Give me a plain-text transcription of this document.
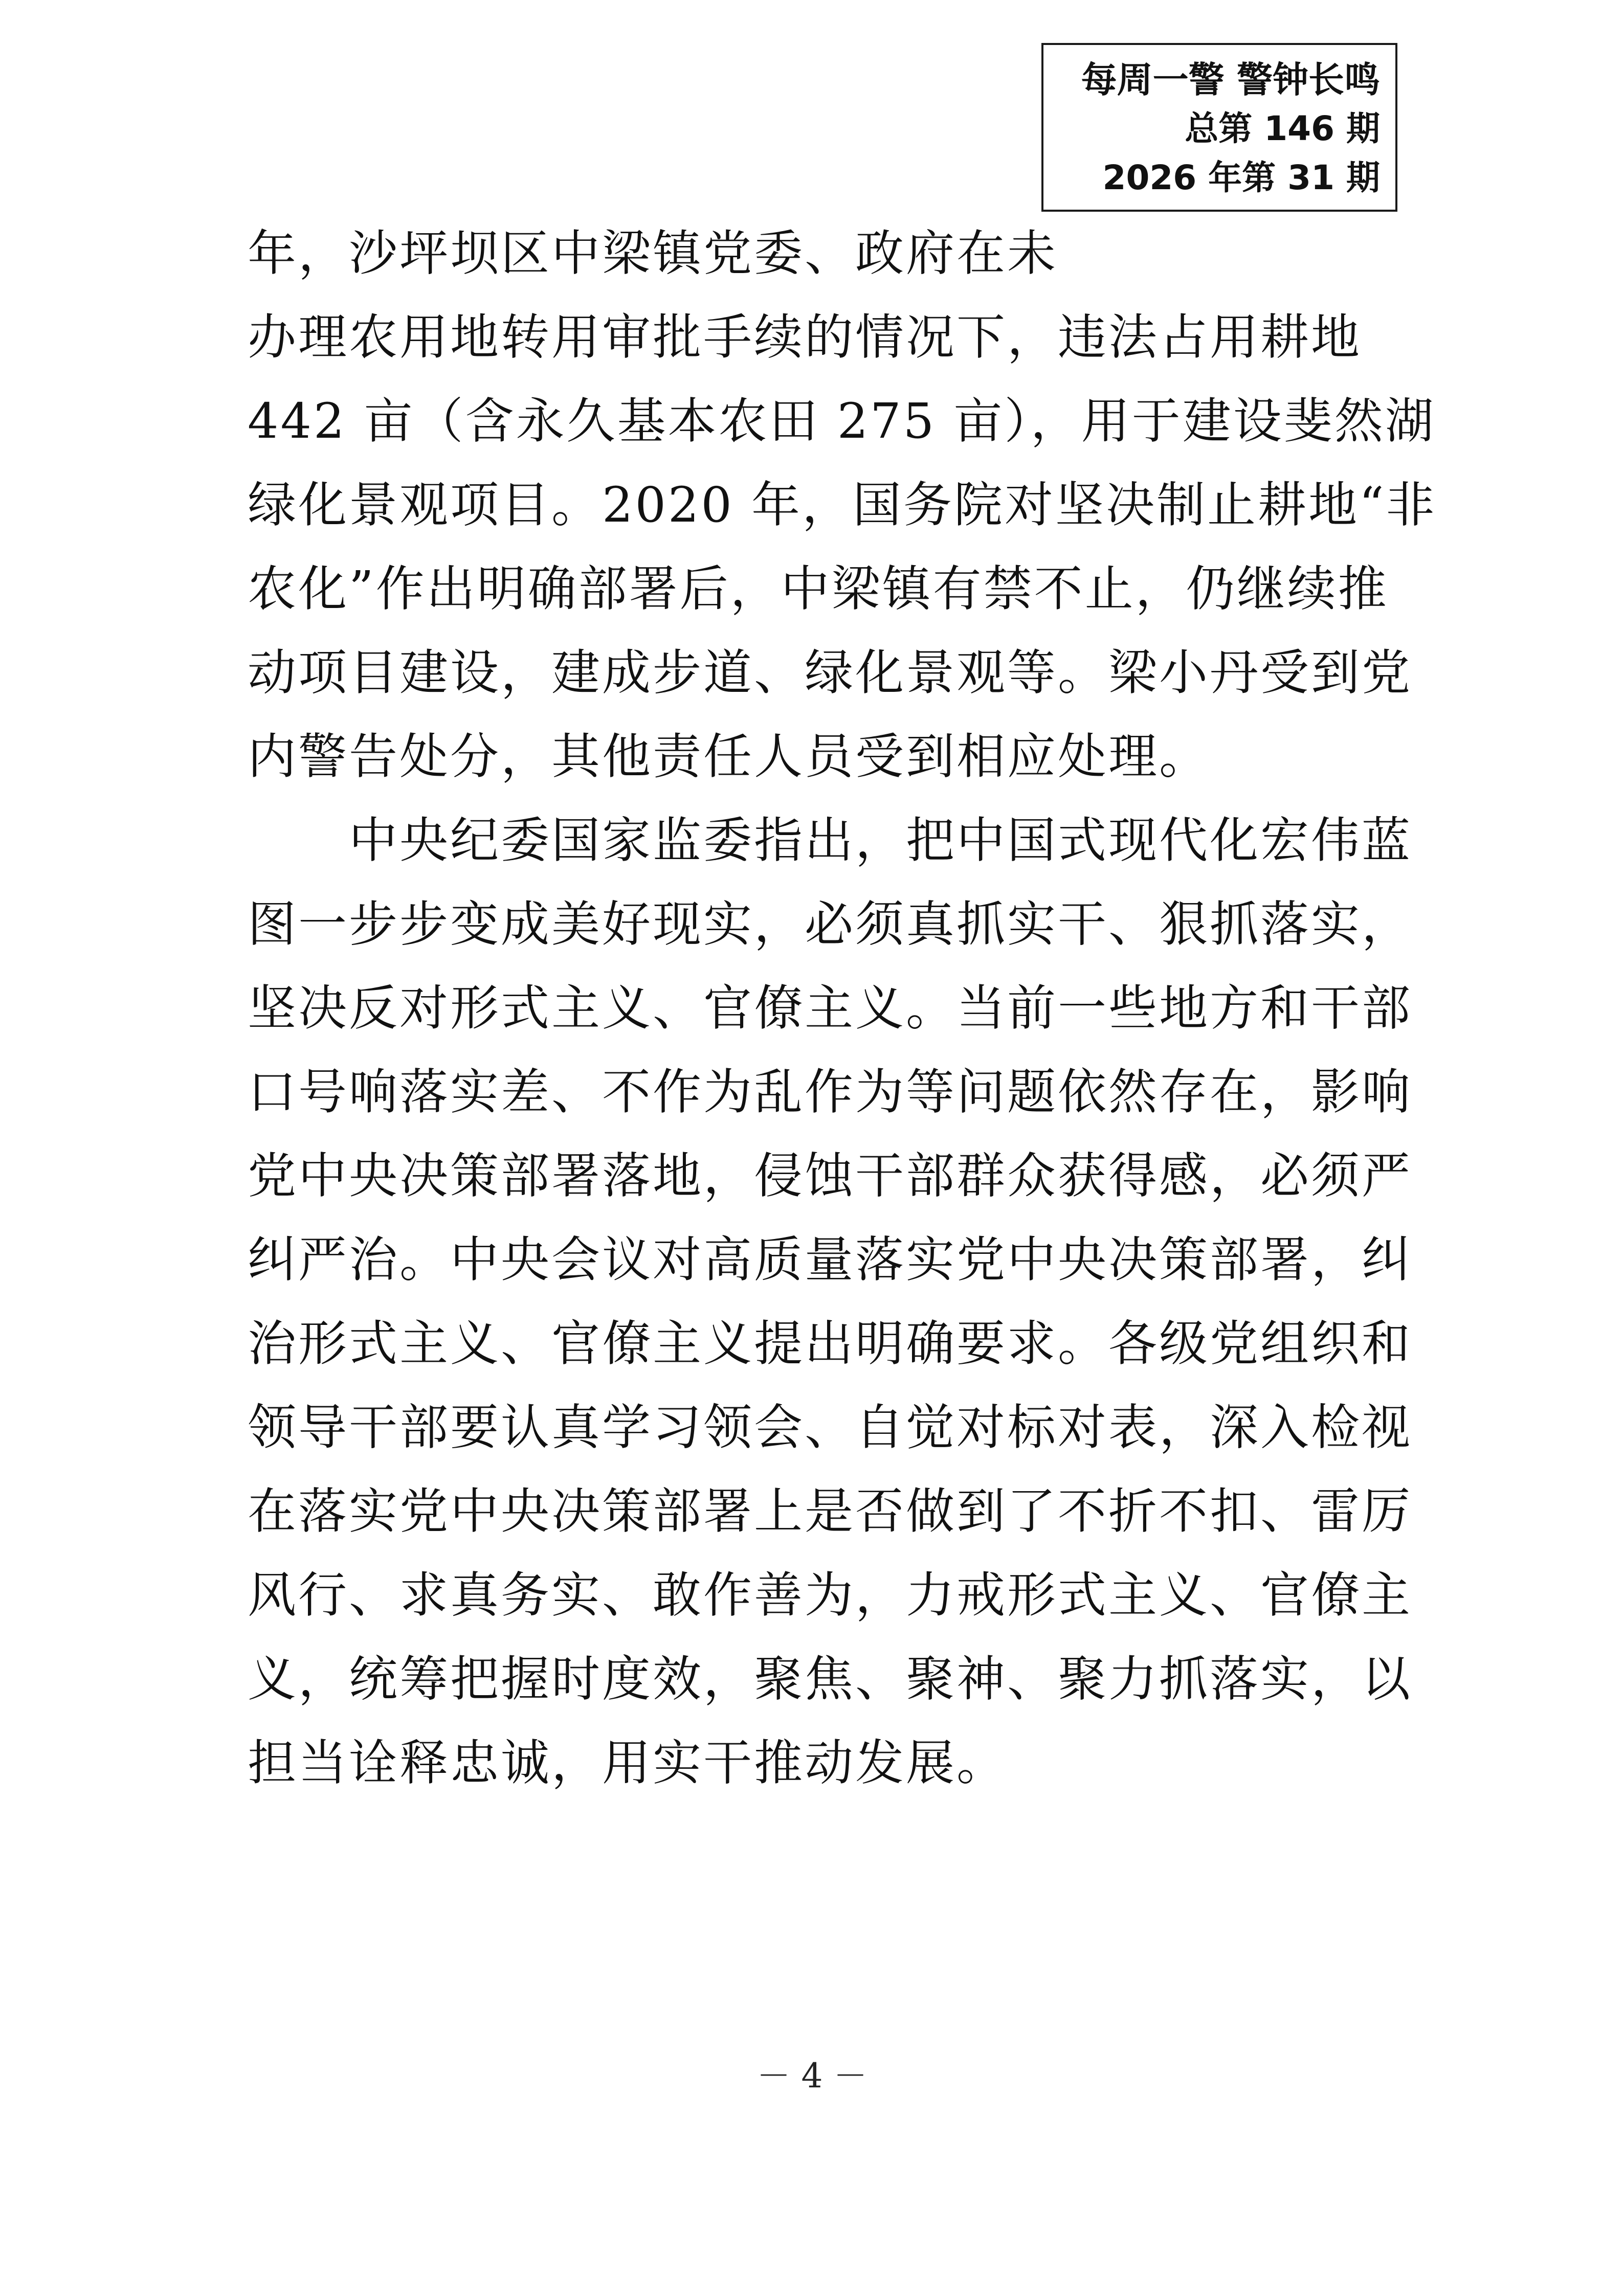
每周一警 警钟长鸣
总第 146 期
2026 年第 31 期
年，沙坪坝区中梁镇党委、政府在未
办理农用地转用审批手续的情况下，违法占用耕地
442 亩（含永久基本农田 275 亩），用于建设斐然湖
绿化景观项目。2020 年，国务院对坚决制止耕地“非
农化”作出明确部署后，中梁镇有禁不止，仍继续推
动项目建设，建成步道、绿化景观等。梁小丹受到党
内警告处分，其他责任人员受到相应处理。
　　中央纪委国家监委指出，把中国式现代化宏伟蓝
图一步步变成美好现实，必须真抓实干、狠抓落实，
坚决反对形式主义、官僚主义。当前一些地方和干部
口号响落实差、不作为乱作为等问题依然存在，影响
党中央决策部署落地，侵蚀干部群众获得感，必须严
纠严治。中央会议对高质量落实党中央决策部署，纠
治形式主义、官僚主义提出明确要求。各级党组织和
领导干部要认真学习领会、自觉对标对表，深入检视
在落实党中央决策部署上是否做到了不折不扣、雷厉
风行、求真务实、敢作善为，力戒形式主义、官僚主
义，统筹把握时度效，聚焦、聚神、聚力抓落实，以
担当诠释忠诚，用实干推动发展。
－ 4 －
